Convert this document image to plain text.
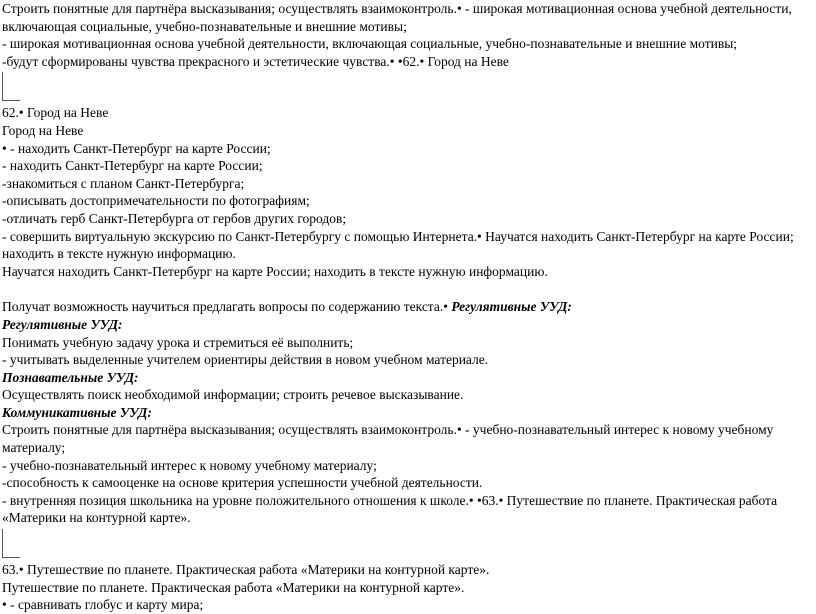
Строить понятные для партнёра высказывания; осуществлять взаимоконтроль.• - широкая мотивационная основа учебной деятельности, включающая социальные, учебно-познавательные и внешние мотивы;
- широкая мотивационная основа учебной деятельности, включающая социальные, учебно-познавательные и внешние мотивы;
-будут сформированы чувства прекрасного и эстетические чувства.• •62.• Город на Неве
62.• Город на Неве
Город на Неве
• - находить Санкт-Петербург на карте России;
- находить Санкт-Петербург на карте России;
-знакомиться с планом Санкт-Петербурга;
-описывать достопримечательности по фотографиям;
-отличать герб Санкт-Петербурга от гербов других городов;
- совершить виртуальную экскурсию по Санкт-Петербургу с помощью Интернета.• Научатся находить Санкт-Петербург на карте России; находить в тексте нужную информацию.
Научатся находить Санкт-Петербург на карте России; находить в тексте нужную информацию.
Получат возможность научиться предлагать вопросы по содержанию текста.• Регулятивные УУД:
Регулятивные УУД:
Понимать учебную задачу урока и стремиться её выполнить;
- учитывать выделенные учителем ориентиры действия в новом учебном материале.
Познавательные УУД:
Осуществлять поиск необходимой информации; строить речевое высказывание.
Коммуникативные УУД:
Строить понятные для партнёра высказывания; осуществлять взаимоконтроль.• - учебно-познавательный интерес к новому учебному материалу;
- учебно-познавательный интерес к новому учебному материалу;
-способность к самооценке на основе критерия успешности учебной деятельности.
- внутренняя позиция школьника на уровне положительного отношения к школе.• •63.• Путешествие по планете. Практическая работа «Материки на контурной карте».
63.• Путешествие по планете. Практическая работа «Материки на контурной карте».
Путешествие по планете. Практическая работа «Материки на контурной карте».
• - сравнивать глобус и карту мира;
